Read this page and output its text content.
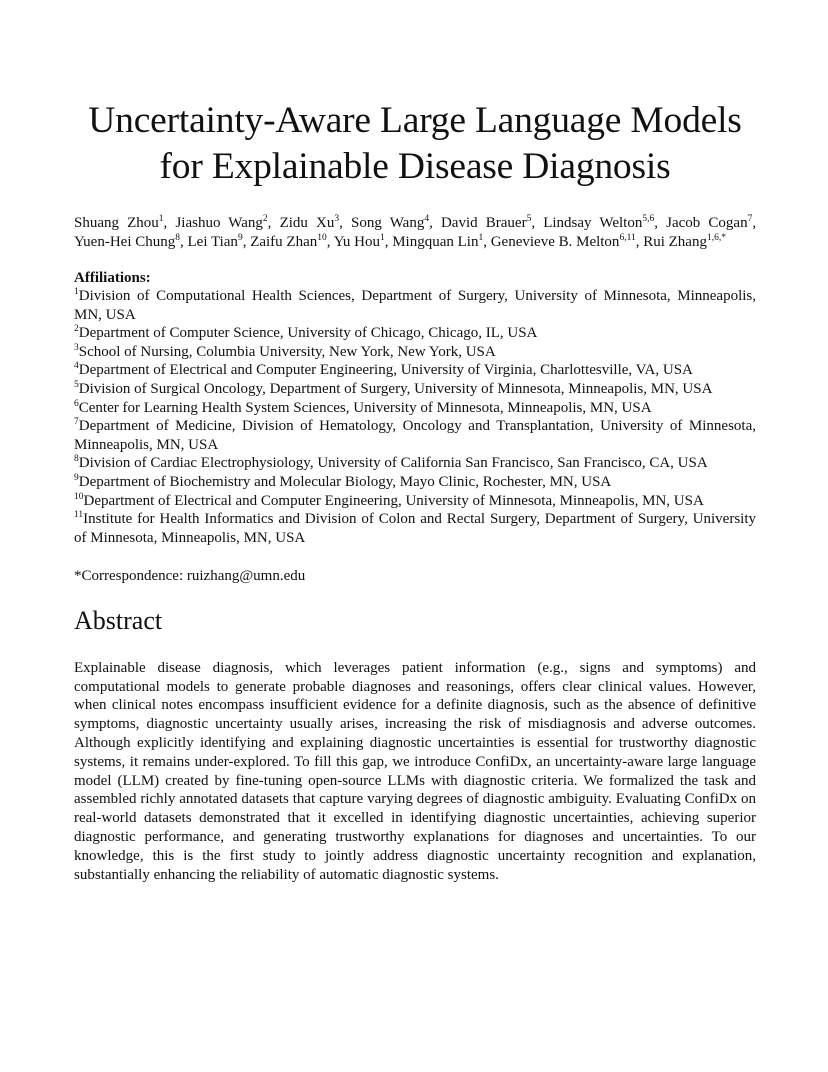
Uncertainty-Aware Large Language Models
for Explainable Disease Diagnosis
Shuang Zhou$^1$, Jiashuo Wang$^2$, Zidu Xu$^3$, Song Wang$^4$, David Brauer$^5$, Lindsay Welton$^{5,6}$, Jacob Cogan$^7$, Yuen-Hei Chung$^8$, Lei Tian$^9$, Zaifu Zhan$^{10}$, Yu Hou$^1$, Mingquan Lin$^1$, Genevieve B. Melton$^{6,11}$, Rui Zhang$^{1,6,*}$
Affiliations:
$^1$Division of Computational Health Sciences, Department of Surgery, University of Minnesota, Minneapolis, MN, USA
$^2$Department of Computer Science, University of Chicago, Chicago, IL, USA
$^3$School of Nursing, Columbia University, New York, New York, USA
$^4$Department of Electrical and Computer Engineering, University of Virginia, Charlottesville, VA, USA
$^5$Division of Surgical Oncology, Department of Surgery, University of Minnesota, Minneapolis, MN, USA
$^6$Center for Learning Health System Sciences, University of Minnesota, Minneapolis, MN, USA
$^7$Department of Medicine, Division of Hematology, Oncology and Transplantation, University of Minnesota, Minneapolis, MN, USA
$^8$Division of Cardiac Electrophysiology, University of California San Francisco, San Francisco, CA, USA
$^9$Department of Biochemistry and Molecular Biology, Mayo Clinic, Rochester, MN, USA
$^{10}$Department of Electrical and Computer Engineering, University of Minnesota, Minneapolis, MN, USA
$^{11}$Institute for Health Informatics and Division of Colon and Rectal Surgery, Department of Surgery, University of Minnesota, Minneapolis, MN, USA
*Correspondence: ruizhang@umn.edu
Abstract

Explainable disease diagnosis, which leverages patient information (e.g., signs and symptoms) and computational models to generate probable diagnoses and reasonings, offers clear clinical values. However, when clinical notes encompass insufficient evidence for a definite diagnosis, such as the absence of definitive symptoms, diagnostic uncertainty usually arises, increasing the risk of misdiagnosis and adverse outcomes. Although explicitly identifying and explaining diagnostic uncertainties is essential for trustworthy diagnostic systems, it remains under-explored. To fill this gap, we introduce ConfiDx, an uncertainty-aware large language model (LLM) created by fine-tuning open-source LLMs with diagnostic criteria. We formalized the task and assembled richly annotated datasets that capture varying degrees of diagnostic ambiguity. Evaluating ConfiDx on real-world datasets demonstrated that it excelled in identifying diagnostic uncertainties, achieving superior diagnostic performance, and generating trustworthy explanations for diagnoses and uncertainties. To our knowledge, this is the first study to jointly address diagnostic uncertainty recognition and explanation, substantially enhancing the reliability of automatic diagnostic systems.
